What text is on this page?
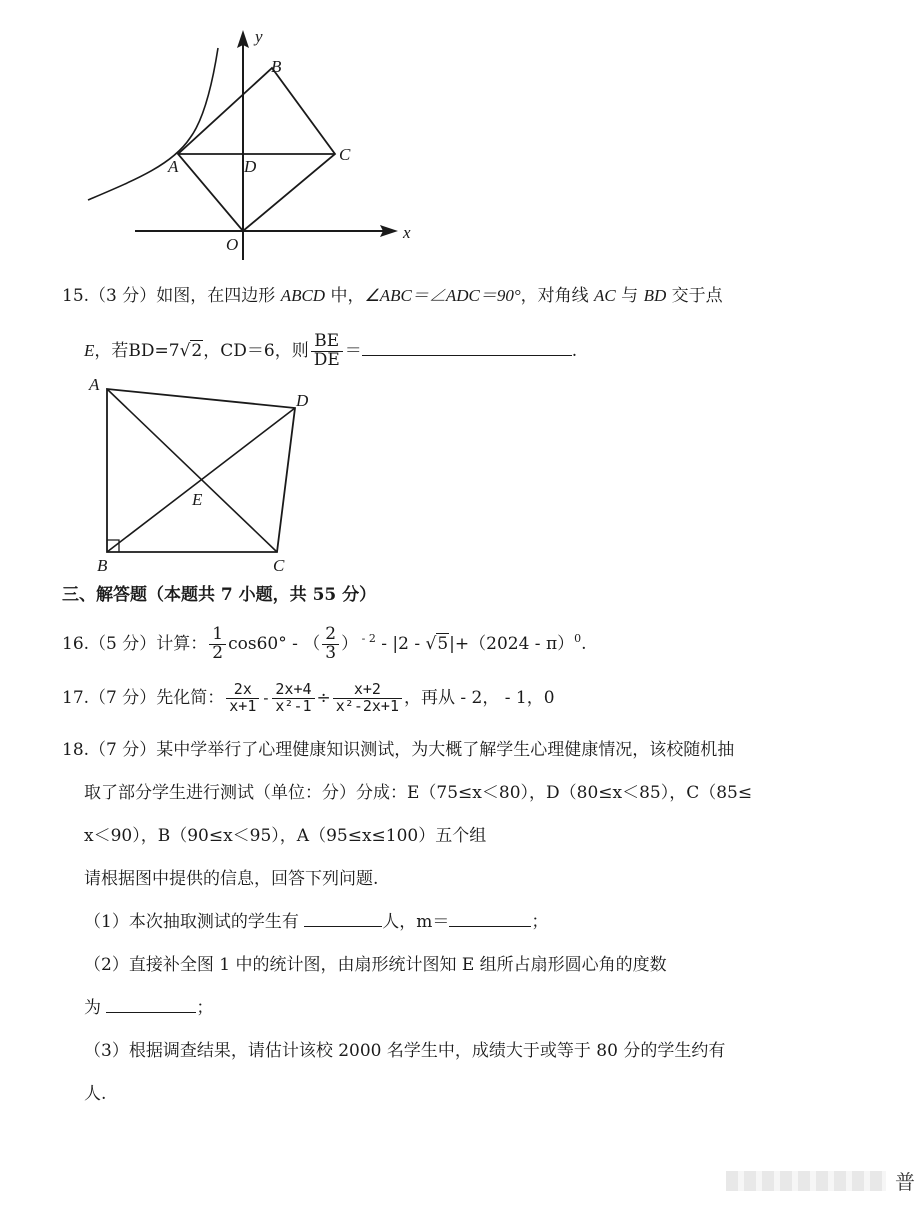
y
x
B
A	D
C
O
15.（3 分）如图，在四边形 ABCD 中，∠ABC＝∠ADC＝90°，对角线 AC 与 BD 交于点
E，若BD=7√2，CD＝6，则 $\frac{BE}{DE}$ ＝	.
A
D
E
B	C
三、解答题（本题共 7 小题，共 55 分）
16.（5 分）计算： $\frac{1}{2} \cos 60^\circ$ - （ $\frac{2}{3}$ ） $^{- 2}$ - |2 - √5|+（2024 - π）$^0$.
17.（7 分）先化简： $\frac{2x}{x+1} - \frac{2x+4}{\text{x²-1}} \div \frac{x+2}{\text{x²-2x+1}}$ ，再从 - 2， - 1，0
18.（7 分）某中学举行了心理健康知识测试，为大概了解学生心理健康情况，该校随机抽
取了部分学生进行测试（单位：分）分成：E（75≤x＜80），D（80≤x＜85），C（85≤
x＜90），B（90≤x＜95），A（95≤x≤100）五个组
请根据图中提供的信息，回答下列问题.
（1）本次抽取测试的学生有	人，m＝	；
（2）直接补全图 1 中的统计图，由扇形统计图知 E 组所占扇形圆心角的度数
为	；
（3）根据调查结果，请估计该校 2000 名学生中，成绩大于或等于 80 分的学生约有
人.
普
